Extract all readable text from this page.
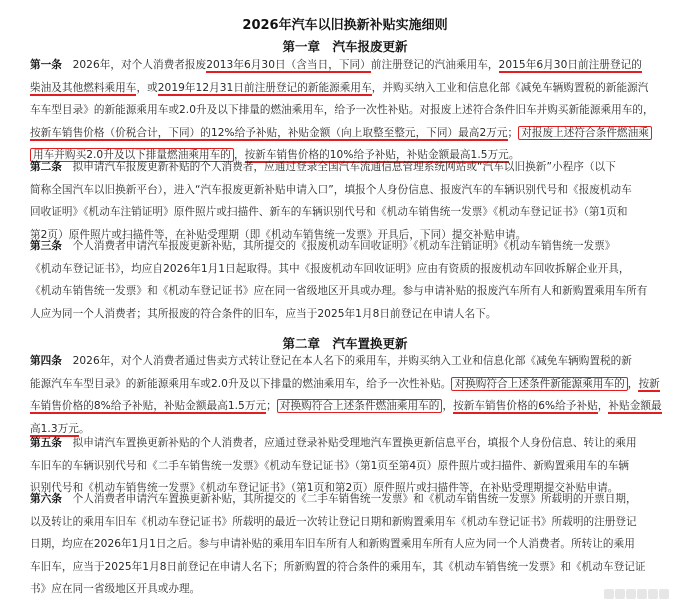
2026年汽车以旧换新补贴实施细则
第一章　汽车报废更新
第一条　2026年，对个人消费者报废2013年6月30日（含当日，下同）前注册登记的汽油乘用车，2015年6月30日前注册登记的
柴油及其他燃料乘用车，或2019年12月31日前注册登记的新能源乘用车，并购买纳入工业和信息化部《减免车辆购置税的新能源汽
车车型目录》的新能源乘用车或2.0升及以下排量的燃油乘用车，给予一次性补贴。对报废上述符合条件旧车并购买新能源乘用车的，
按新车销售价格（价税合计，下同）的12%给予补贴，补贴金额（向上取整至整元，下同）最高2万元； 对报废上述符合条件燃油乘
用车并购买2.0升及以下排量燃油乘用车的 ，按新车销售价格的10%给予补贴，补贴金额最高1.5万元。
第二条　拟申请汽车报废更新补贴的个人消费者，应通过登录全国汽车流通信息管理系统网站或“汽车以旧换新”小程序（以下
简称全国汽车以旧换新平台），进入“汽车报废更新补贴申请入口”，填报个人身份信息、报废汽车的车辆识别代号和《报废机动车
回收证明》《机动车注销证明》原件照片或扫描件、新车的车辆识别代号和《机动车销售统一发票》《机动车登记证书》（第1页和
第2页）原件照片或扫描件等，在补贴受理期（即《机动车销售统一发票》开具后，下同）提交补贴申请。
第三条　个人消费者申请汽车报废更新补贴，其所提交的《报废机动车回收证明》《机动车注销证明》《机动车销售统一发票》
《机动车登记证书》，均应自2026年1月1日起取得。其中《报废机动车回收证明》应由有资质的报废机动车回收拆解企业开具，
《机动车销售统一发票》和《机动车登记证书》应在同一省级地区开具或办理。参与申请补贴的报废汽车所有人和新购置乘用车所有
人应为同一个人消费者；其所报废的符合条件的旧车，应当于2025年1月8日前登记在申请人名下。
第二章　汽车置换更新
第四条　2026年，对个人消费者通过售卖方式转让登记在本人名下的乘用车，并购买纳入工业和信息化部《减免车辆购置税的新
能源汽车车型目录》的新能源乘用车或2.0升及以下排量的燃油乘用车，给予一次性补贴。 对换购符合上述条件新能源乘用车的 ，按新
车销售价格的8%给予补贴，补贴金额最高1.5万元； 对换购符合上述条件燃油乘用车的 ，按新车销售价格的6%给予补贴，补贴金额最
高1.3万元。
第五条　拟申请汽车置换更新补贴的个人消费者，应通过登录补贴受理地汽车置换更新信息平台，填报个人身份信息、转让的乘用
车旧车的车辆识别代号和《二手车销售统一发票》《机动车登记证书》（第1页至第4页）原件照片或扫描件、新购置乘用车的车辆
识别代号和《机动车销售统一发票》《机动车登记证书》（第1页和第2页）原件照片或扫描件等，在补贴受理期提交补贴申请。
第六条　个人消费者申请汽车置换更新补贴，其所提交的《二手车销售统一发票》和《机动车销售统一发票》所载明的开票日期，
以及转让的乘用车旧车《机动车登记证书》所载明的最近一次转让登记日期和新购置乘用车《机动车登记证书》所载明的注册登记
日期，均应在2026年1月1日之后。参与申请补贴的乘用车旧车所有人和新购置乘用车所有人应为同一个人消费者。所转让的乘用
车旧车，应当于2025年1月8日前登记在申请人名下；所新购置的符合条件的乘用车，其《机动车销售统一发票》和《机动车登记证
书》应在同一省级地区开具或办理。
